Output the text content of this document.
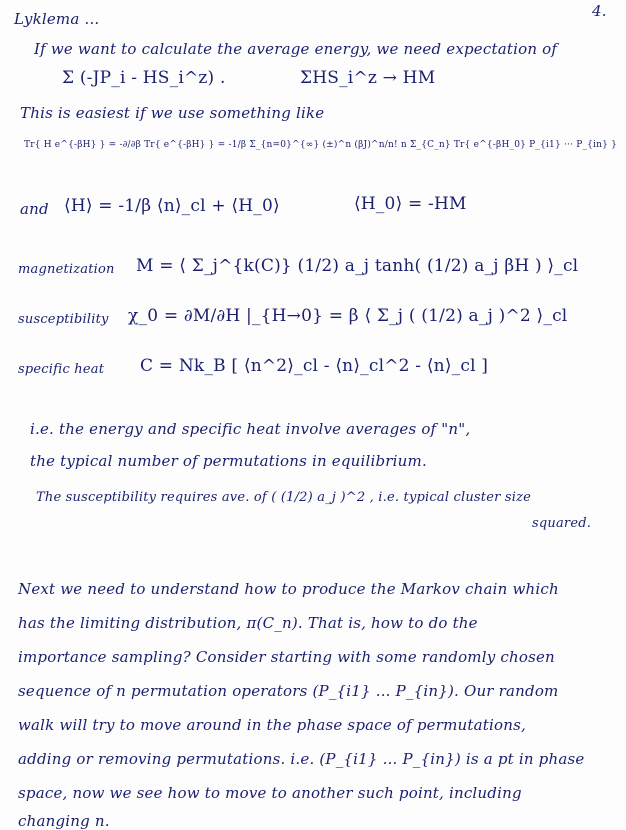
4.
Lyklema ...
If we want to calculate the average energy, we need expectation of
Σ (-JP_i - HS_i^z) .	ΣHS_i^z → HM
This is easiest if we use something like
Tr{ H e^{-βH} } = -∂/∂β Tr{ e^{-βH} } = -1/β Σ_{n=0}^{∞} (±)^n (βJ)^n/n! n Σ_{C_n} Tr{ e^{-βH_0} P_{i1} ··· P_{in} }
and ⟨H⟩ = -1/β ⟨n⟩_cl + ⟨H_0⟩	⟨H_0⟩ = -HM
magnetization M = ⟨ Σ_j^{k(C)} (1/2) a_j tanh( (1/2) a_j βH ) ⟩_cl
susceptibility χ_0 = ∂M/∂H |_{H→0} = β ⟨ Σ_j ( (1/2) a_j )^2 ⟩_cl
specific heat C = Nk_B [ ⟨n^2⟩_cl - ⟨n⟩_cl^2 - ⟨n⟩_cl ]
i.e. the energy and specific heat involve averages of "n",
the typical number of permutations in equilibrium.
The susceptibility requires ave. of ( (1/2) a_j )^2 , i.e. typical cluster size
squared.
Next we need to understand how to produce the Markov chain which
has the limiting distribution, π(C_n). That is, how to do the
importance sampling? Consider starting with some randomly chosen
sequence of n permutation operators (P_{i1} ... P_{in}). Our random
walk will try to move around in the phase space of permutations,
adding or removing permutations. i.e. (P_{i1} ... P_{in}) is a pt in phase
space, now we see how to move to another such point, including
changing n.
